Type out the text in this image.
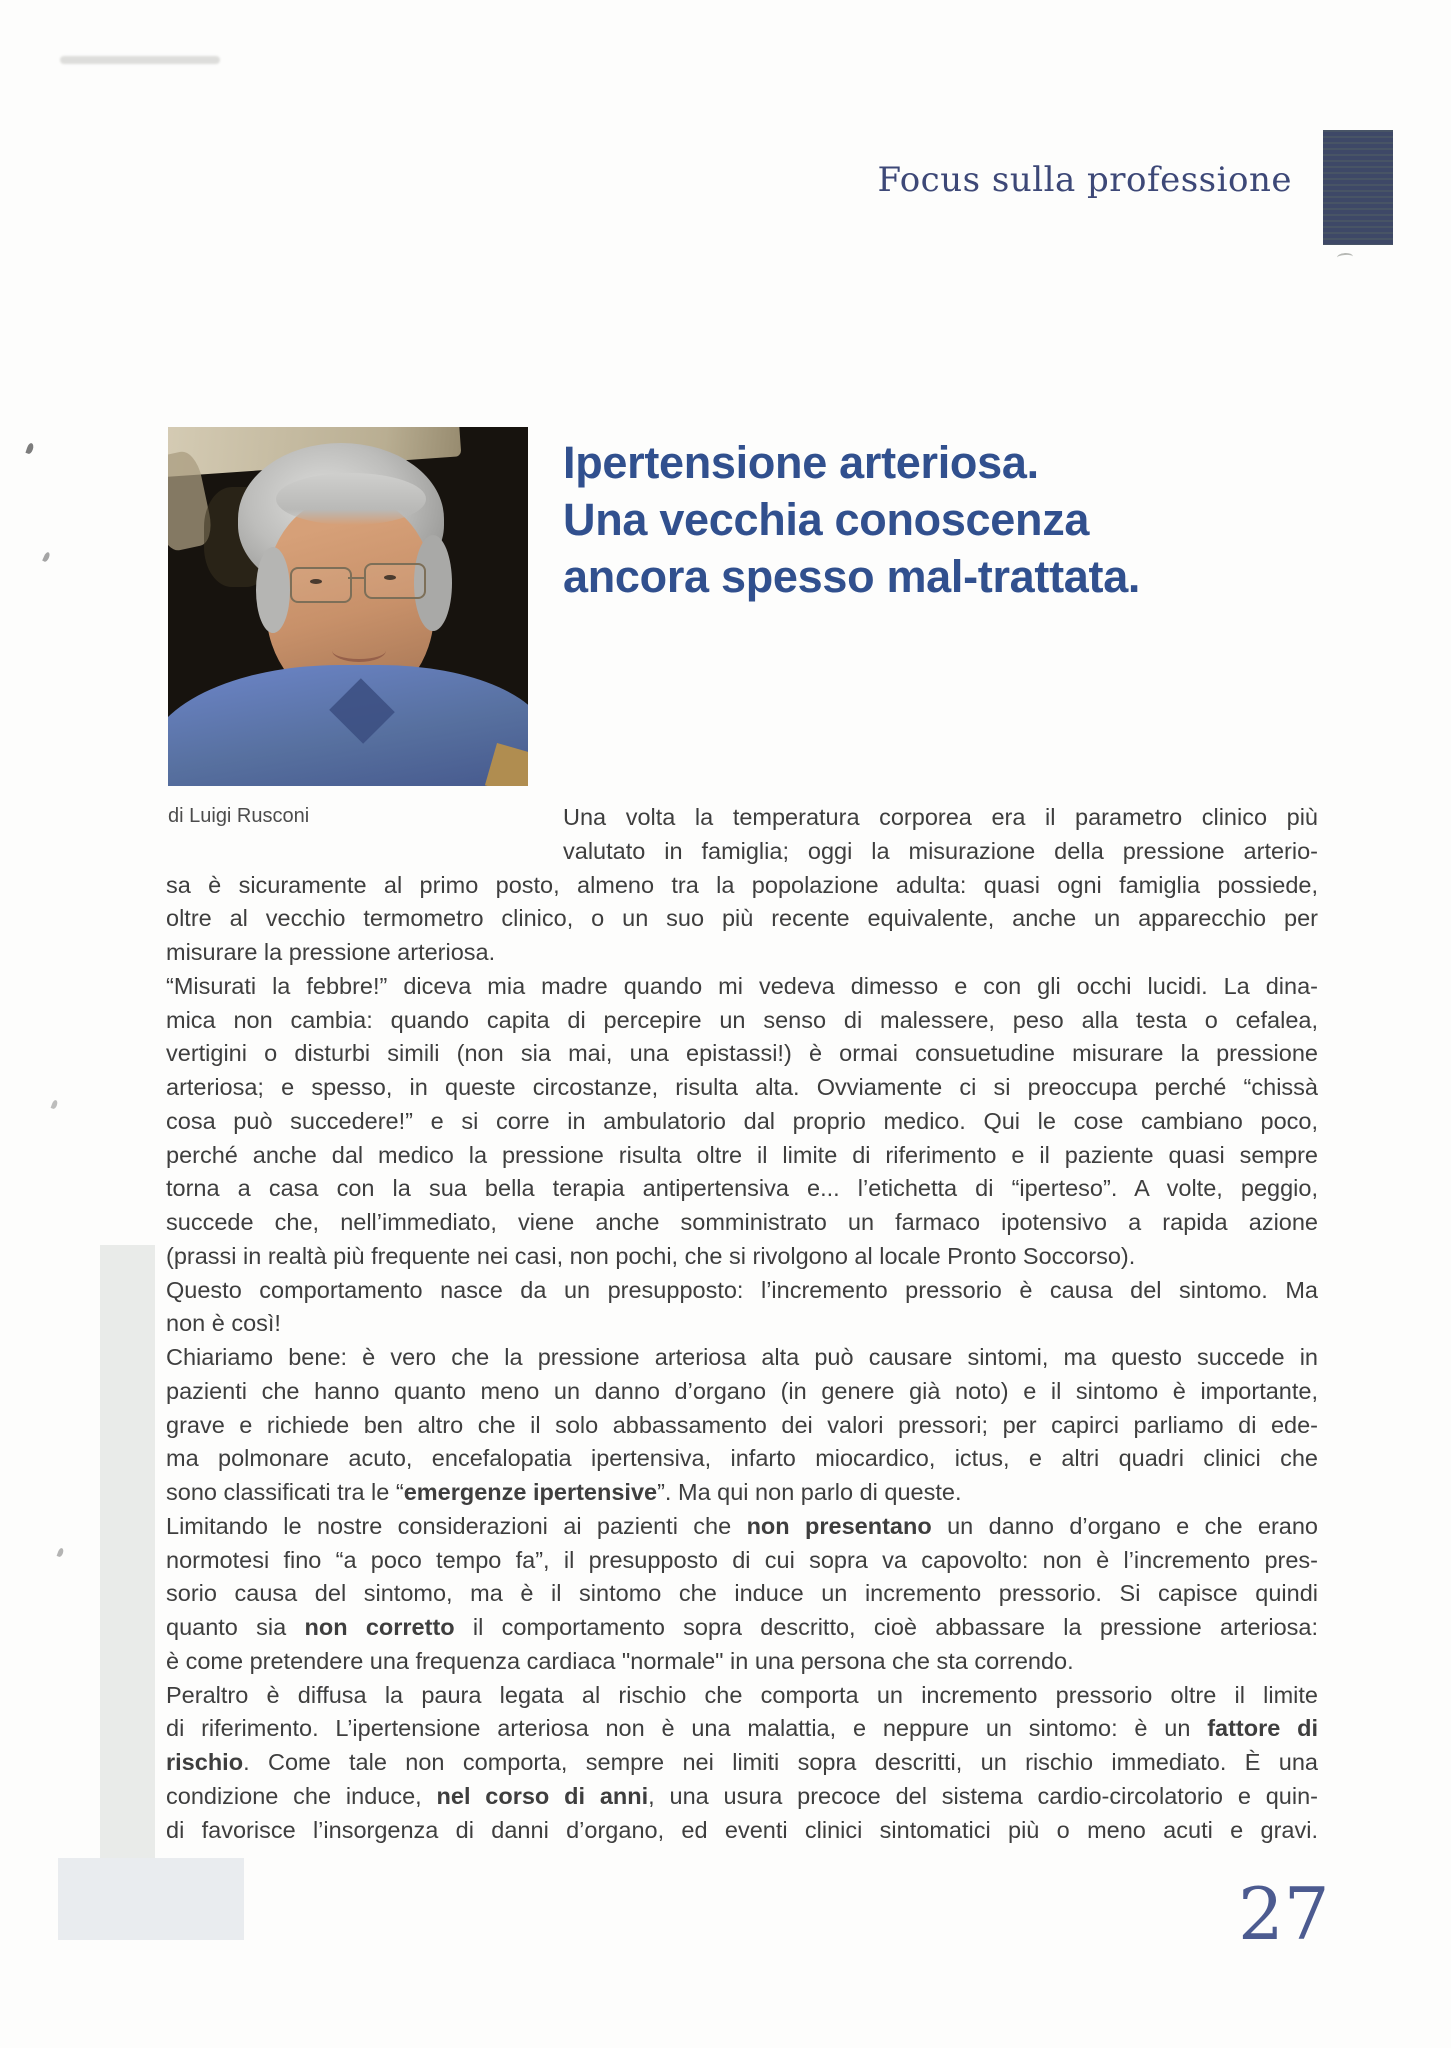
Focus sulla professione
Ipertensione arteriosa.
Una vecchia conoscenza
ancora spesso mal-trattata.
di Luigi Rusconi	Una volta la temperatura corporea era il parametro clinico più
valutato in famiglia; oggi la misurazione della pressione arterio-
sa è sicuramente al primo posto, almeno tra la popolazione adulta: quasi ogni famiglia possiede,
oltre al vecchio termometro clinico, o un suo più recente equivalente, anche un apparecchio per
misurare la pressione arteriosa.
“Misurati la febbre!” diceva mia madre quando mi vedeva dimesso e con gli occhi lucidi. La dina-
mica non cambia: quando capita di percepire un senso di malessere, peso alla testa o cefalea,
vertigini o disturbi simili (non sia mai, una epistassi!) è ormai consuetudine misurare la pressione
arteriosa; e spesso, in queste circostanze, risulta alta. Ovviamente ci si preoccupa perché “chissà
cosa può succedere!” e si corre in ambulatorio dal proprio medico. Qui le cose cambiano poco,
perché anche dal medico la pressione risulta oltre il limite di riferimento e il paziente quasi sempre
torna a casa con la sua bella terapia antipertensiva e... l’etichetta di “iperteso”. A volte, peggio,
succede che, nell’immediato, viene anche somministrato un farmaco ipotensivo a rapida azione
(prassi in realtà più frequente nei casi, non pochi, che si rivolgono al locale Pronto Soccorso).
Questo comportamento nasce da un presupposto: l’incremento pressorio è causa del sintomo. Ma
non è così!
Chiariamo bene: è vero che la pressione arteriosa alta può causare sintomi, ma questo succede in
pazienti che hanno quanto meno un danno d’organo (in genere già noto) e il sintomo è importante,
grave e richiede ben altro che il solo abbassamento dei valori pressori; per capirci parliamo di ede-
ma polmonare acuto, encefalopatia ipertensiva, infarto miocardico, ictus, e altri quadri clinici che
sono classificati tra le “emergenze ipertensive”. Ma qui non parlo di queste.
Limitando le nostre considerazioni ai pazienti che non presentano un danno d’organo e che erano
normotesi fino “a poco tempo fa”, il presupposto di cui sopra va capovolto: non è l’incremento pres-
sorio causa del sintomo, ma è il sintomo che induce un incremento pressorio. Si capisce quindi
quanto sia non corretto il comportamento sopra descritto, cioè abbassare la pressione arteriosa:
è come pretendere una frequenza cardiaca "normale" in una persona che sta correndo.
Peraltro è diffusa la paura legata al rischio che comporta un incremento pressorio oltre il limite
di riferimento. L’ipertensione arteriosa non è una malattia, e neppure un sintomo: è un fattore di
rischio. Come tale non comporta, sempre nei limiti sopra descritti, un rischio immediato. È una
condizione che induce, nel corso di anni, una usura precoce del sistema cardio-circolatorio e quin-
di favorisce l’insorgenza di danni d’organo, ed eventi clinici sintomatici più o meno acuti e gravi.
27
